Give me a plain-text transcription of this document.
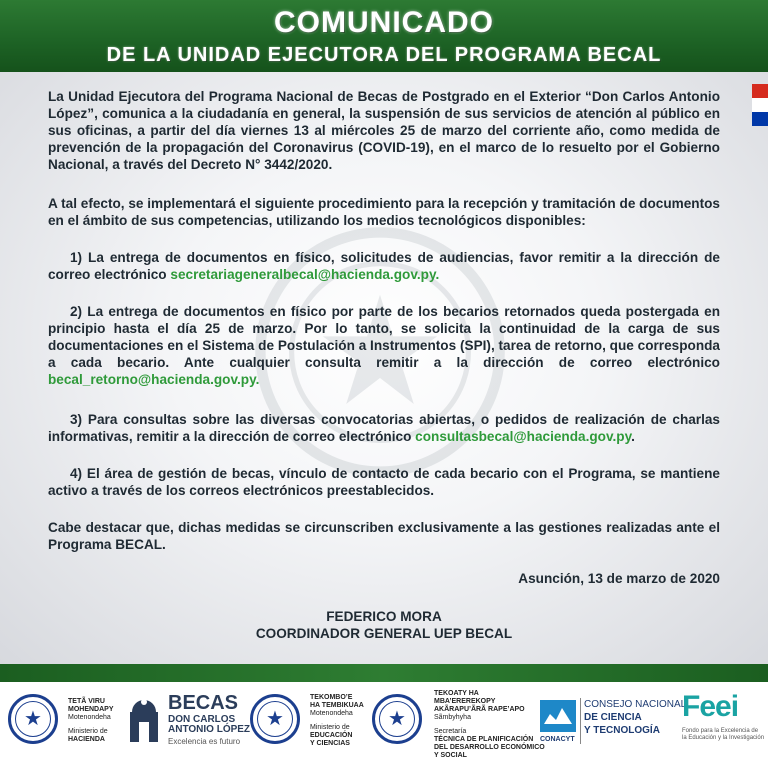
COMUNICADO
DE LA UNIDAD EJECUTORA DEL PROGRAMA BECAL
La Unidad Ejecutora del Programa Nacional de Becas de Postgrado en el Exterior “Don Carlos Antonio López”, comunica a la ciudadanía en general, la suspensión de sus servicios de atención al público en sus oficinas, a partir del día viernes 13 al miércoles 25 de marzo del corriente año, como medida de prevención de la propagación del Coronavirus (COVID-19), en el marco de lo resuelto por el Gobierno Nacional, a través del Decreto N° 3442/2020.
A tal efecto, se implementará el siguiente procedimiento para la recepción y tramitación de documentos en el ámbito de sus competencias, utilizando los medios tecnológicos disponibles:
1) La entrega de documentos en físico, solicitudes de audiencias, favor remitir a la dirección de correo electrónico secretariageneralbecal@hacienda.gov.py.
2) La entrega de documentos en físico por parte de los becarios retornados queda postergada en principio hasta el día 25 de marzo. Por lo tanto, se solicita la continuidad de la carga de sus documentaciones en el Sistema de Postulación a Instrumentos (SPI), tarea de retorno, que corresponda a cada becario. Ante cualquier consulta remitir a la dirección de correo electrónico becal_retorno@hacienda.gov.py.
3) Para consultas sobre las diversas convocatorias abiertas, o pedidos de realización de charlas informativas, remitir a la dirección de correo electrónico consultasbecal@hacienda.gov.py.
4) El área de gestión de becas, vínculo de contacto de cada becario con el Programa, se mantiene activo a través de los correos electrónicos preestablecidos.
Cabe destacar que, dichas medidas se circunscriben exclusivamente a las gestiones realizadas ante el Programa BECAL.
Asunción, 13 de marzo de 2020
FEDERICO MORA
COORDINADOR GENERAL UEP BECAL
★
TETÃ VIRU
MOHENDAPY
Motenondeha
Ministerio de
HACIENDA
BECAS
DON CARLOS
ANTONIO LÓPEZ
Excelencia es futuro
★
TEKOMBO’E
HA TEMBIKUAA
Motenondeha
Ministerio de
EDUCACIÓN
Y CIENCIAS
★
TEKOATY HA
MBA’EREREKOPY
AKÃRAPU’ÃRÃ RAPE’APO
Sãmbyhyha
Secretaría
TÉCNICA DE PLANIFICACIÓN
DEL DESARROLLO ECONÓMICO
Y SOCIAL
CONACYT
CONSEJO NACIONAL
DE CIENCIA
Y TECNOLOGÍA
Feei
Fondo para la Excelencia de
la Educación y la Investigación
